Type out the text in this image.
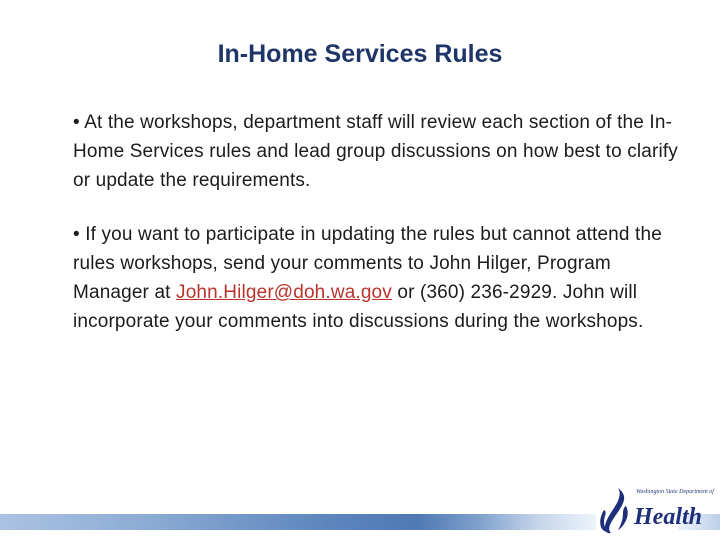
In-Home Services Rules

• At the workshops, department staff will review each section of the In-Home Services rules and lead group discussions on how best to clarify or update the requirements.

• If you want to participate in updating the rules but cannot attend the rules workshops, send your comments to John Hilger, Program Manager at John.Hilger@doh.wa.gov or (360) 236-2929. John will incorporate your comments into discussions during the workshops.

Washington State Department of
Health
